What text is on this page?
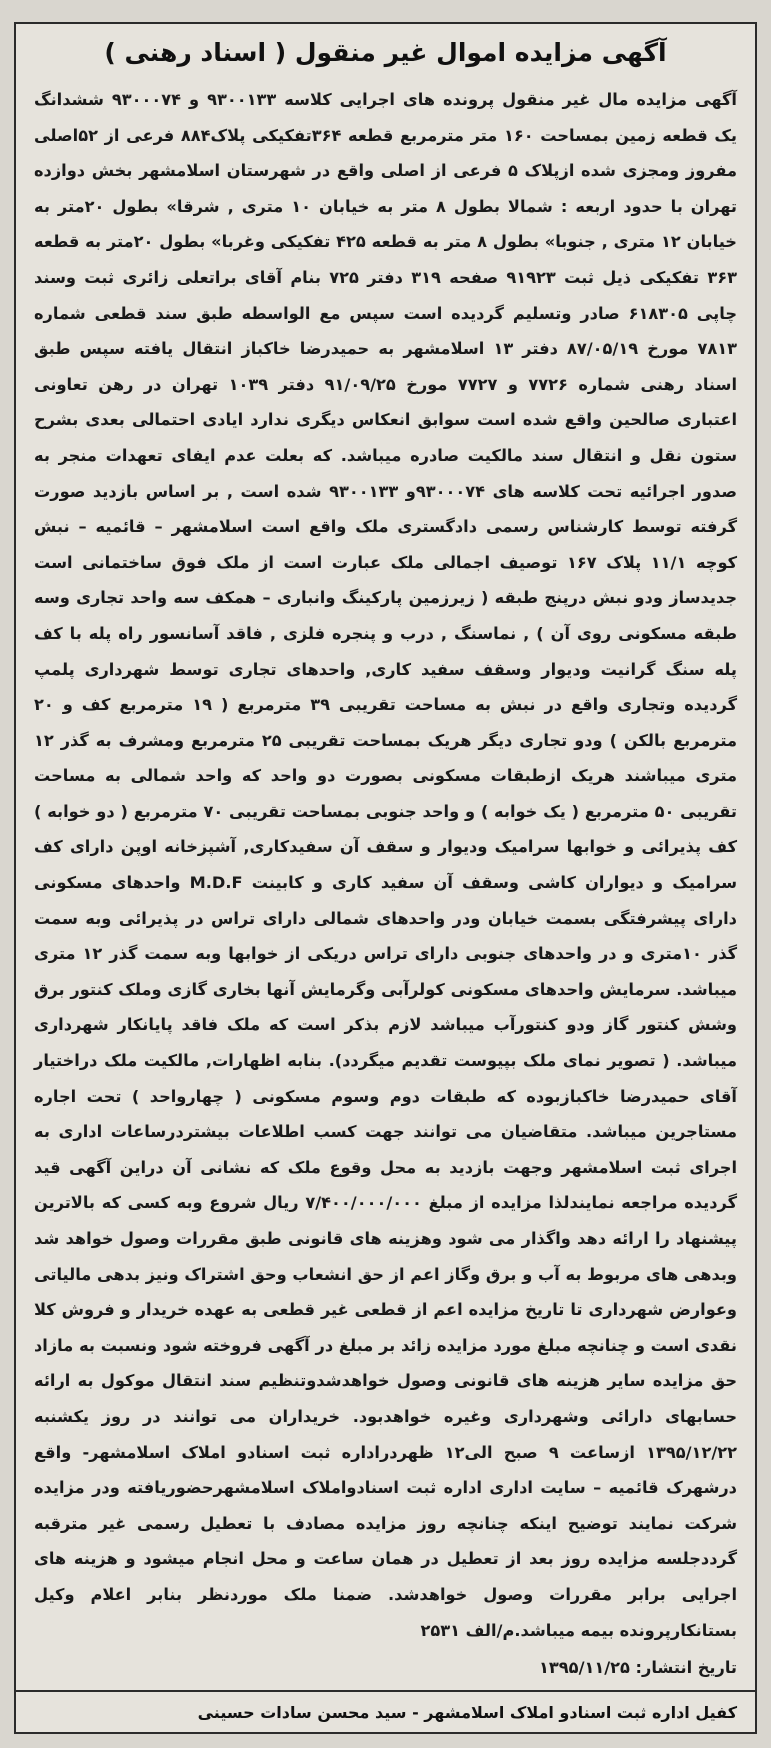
آگهی مزایده اموال غیر منقول ( اسناد رهنی )
آگهی مزایده مال غیر منقول پرونده های اجرایی کلاسه ۹۳۰۰۱۳۳ و ۹۳۰۰۰۷۴ ششدانگ یک قطعه زمین بمساحت ۱۶۰ متر مترمربع قطعه ۳۶۴تفکیکی پلاک۸۸۴ فرعی از ۵۲اصلی مفروز ومجزی شده ازپلاک ۵ فرعی از اصلی واقع در شهرستان اسلامشهر بخش دوازده تهران با حدود اربعه : شمالا بطول ۸ متر به خیابان ۱۰ متری , شرقا» بطول ۲۰متر به خیابان ۱۲ متری , جنوبا» بطول ۸ متر به قطعه ۴۲۵ تفکیکی وغربا» بطول ۲۰متر به قطعه ۳۶۳ تفکیکی ذیل ثبت ۹۱۹۲۳ صفحه ۳۱۹ دفتر ۷۲۵ بنام آقای براتعلی زائری ثبت وسند چاپی ۶۱۸۳۰۵ صادر وتسلیم گردیده است سپس مع الواسطه طبق سند قطعی شماره ۷۸۱۳ مورخ ۸۷/۰۵/۱۹ دفتر ۱۳ اسلامشهر به حمیدرضا خاکباز انتقال یافته سپس طبق اسناد رهنی شماره ۷۷۲۶ و ۷۷۲۷ مورخ ۹۱/۰۹/۲۵ دفتر ۱۰۳۹ تهران در رهن تعاونی اعتباری صالحین واقع شده است سوابق انعکاس دیگری ندارد ایادی احتمالی بعدی بشرح ستون نقل و انتقال سند مالکیت صادره میباشد. که بعلت عدم ایفای تعهدات منجر به صدور اجرائیه تحت کلاسه های ۹۳۰۰۰۷۴و ۹۳۰۰۱۳۳ شده است , بر اساس بازدید صورت گرفته توسط کارشناس رسمی دادگستری ملک واقع است اسلامشهر – قائمیه – نبش کوچه ۱۱/۱ پلاک ۱۶۷ توصیف اجمالی ملک عبارت است از ملک فوق ساختمانی است جدیدساز ودو نبش درپنج طبقه ( زیرزمین پارکینگ وانباری – همکف سه واحد تجاری وسه طبقه مسکونی روی آن ) , نماسنگ , درب و پنجره فلزی , فاقد آسانسور راه پله با کف پله سنگ گرانیت ودیوار وسقف سفید کاری, واحدهای تجاری توسط شهرداری پلمپ گردیده وتجاری واقع در نبش به مساحت تقریبی ۳۹ مترمربع ( ۱۹ مترمربع کف و ۲۰ مترمربع بالکن ) ودو تجاری دیگر هریک بمساحت تقریبی ۲۵ مترمربع ومشرف به گذر ۱۲ متری میباشند هریک ازطبقات مسکونی بصورت دو واحد که واحد شمالی به مساحت تقریبی ۵۰ مترمربع ( یک خوابه ) و واحد جنوبی بمساحت تقریبی ۷۰ مترمربع ( دو خوابه ) کف پذیرائی و خوابها سرامیک ودیوار و سقف آن سفیدکاری, آشپزخانه اوپن دارای کف سرامیک و دیواران کاشی وسقف آن سفید کاری و کابینت M.D.F واحدهای مسکونی دارای پیشرفتگی بسمت خیابان ودر واحدهای شمالی دارای تراس در پذیرائی وبه سمت گذر ۱۰متری و در واحدهای جنوبی دارای تراس دریکی از خوابها وبه سمت گذر ۱۲ متری میباشد. سرمایش واحدهای مسکونی کولرآبی وگرمایش آنها بخاری گازی وملک کنتور برق وشش کنتور گاز ودو کنتورآب میباشد لازم بذکر است که ملک فاقد پایانکار شهرداری میباشد. ( تصویر نمای ملک بپیوست تقدیم میگردد). بنابه اظهارات, مالکیت ملک دراختیار آقای حمیدرضا خاکبازبوده که طبقات دوم وسوم مسکونی ( چهارواحد ) تحت اجاره مستاجرین میباشد. متقاضیان می توانند جهت کسب اطلاعات بیشتردرساعات اداری به اجرای ثبت اسلامشهر وجهت بازدید به محل وقوع ملک که نشانی آن دراین آگهی قید گردیده مراجعه نمایندلذا مزایده از مبلغ ۷/۴۰۰/۰۰۰/۰۰۰ ریال شروع وبه کسی که بالاترین پیشنهاد را ارائه دهد واگذار می شود وهزینه های قانونی طبق مقررات وصول خواهد شد وبدهی های مربوط به آب و برق وگاز اعم از حق انشعاب وحق اشتراک ونیز بدهی مالیاتی وعوارض شهرداری تا تاریخ مزایده اعم از قطعی غیر قطعی به عهده خریدار و فروش کلا نقدی است و چنانچه مبلغ مورد مزایده زائد بر مبلغ در آگهی فروخته شود ونسبت به مازاد حق مزایده سایر هزینه های قانونی وصول خواهدشدوتنظیم سند انتقال موکول به ارائه حسابهای دارائی وشهرداری وغیره خواهدبود. خریداران می توانند در روز یکشنبه ۱۳۹۵/۱۲/۲۲ ازساعت ۹ صبح الی۱۲ ظهردراداره ثبت اسنادو املاک اسلامشهر- واقع درشهرک قائمیه – سایت اداری اداره ثبت اسنادواملاک اسلامشهرحضوریافته ودر مزایده شرکت نمایند توضیح اینکه چنانچه روز مزایده مصادف با تعطیل رسمی غیر مترقبه گرددجلسه مزایده روز بعد از تعطیل در همان ساعت و محل انجام میشود و هزینه های اجرایی برابر مقررات وصول خواهدشد. ضمنا ملک موردنظر بنابر اعلام وکیل بستانکارپرونده بیمه میباشد.م/الف ۲۵۳۱
تاریخ انتشار: ۱۳۹۵/۱۱/۲۵
کفیل اداره ثبت اسنادو املاک اسلامشهر - سید محسن سادات حسینی
